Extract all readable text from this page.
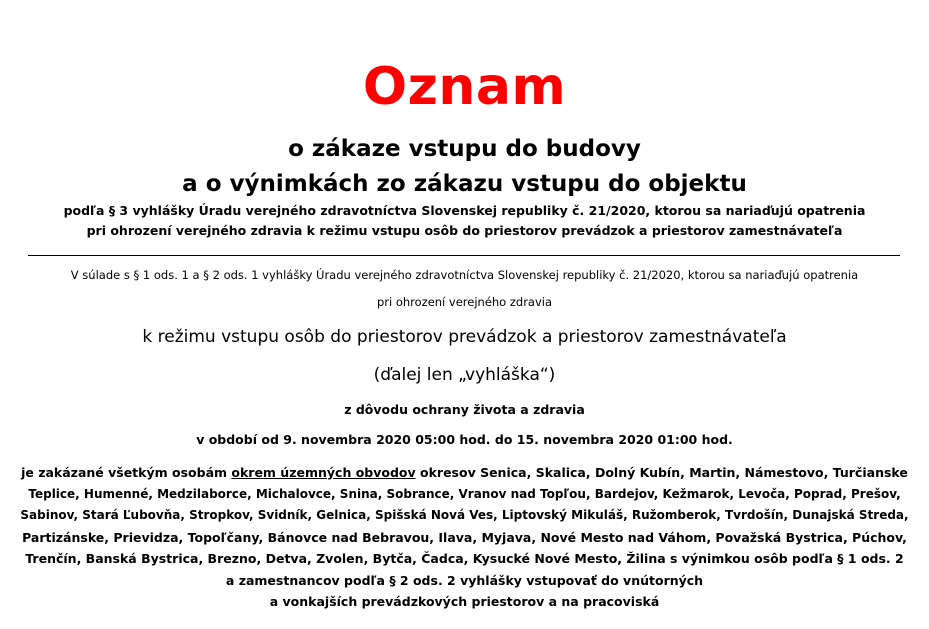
Oznam
o zákaze vstupu do budovy
a o výnimkách zo zákazu vstupu do objektu
podľa § 3 vyhlášky Úradu verejného zdravotníctva Slovenskej republiky č. 21/2020, ktorou sa nariaďujú opatrenia
pri ohrození verejného zdravia k režimu vstupu osôb do priestorov prevádzok a priestorov zamestnávateľa
V súlade s § 1 ods. 1 a § 2 ods. 1 vyhlášky Úradu verejného zdravotníctva Slovenskej republiky č. 21/2020, ktorou sa nariaďujú opatrenia
pri ohrození verejného zdravia
k režimu vstupu osôb do priestorov prevádzok a priestorov zamestnávateľa
(ďalej len „vyhláška“)
z dôvodu ochrany života a zdravia
v období od 9. novembra 2020 05:00 hod. do 15. novembra 2020 01:00 hod.
je zakázané všetkým osobám okrem územných obvodov okresov Senica, Skalica, Dolný Kubín, Martin, Námestovo, Turčianske
Teplice, Humenné, Medzilaborce, Michalovce, Snina, Sobrance, Vranov nad Topľou, Bardejov, Kežmarok, Levoča, Poprad, Prešov,
Sabinov, Stará Ľubovňa, Stropkov, Svidník, Gelnica, Spišská Nová Ves, Liptovský Mikuláš, Ružomberok, Tvrdošín, Dunajská Streda,
Partizánske, Prievidza, Topoľčany, Bánovce nad Bebravou, Ilava, Myjava, Nové Mesto nad Váhom, Považská Bystrica, Púchov,
Trenčín, Banská Bystrica, Brezno, Detva, Zvolen, Bytča, Čadca, Kysucké Nové Mesto, Žilina s výnimkou osôb podľa § 1 ods. 2
a zamestnancov podľa § 2 ods. 2 vyhlášky vstupovať do vnútorných
a vonkajších prevádzkových priestorov a na pracoviská
